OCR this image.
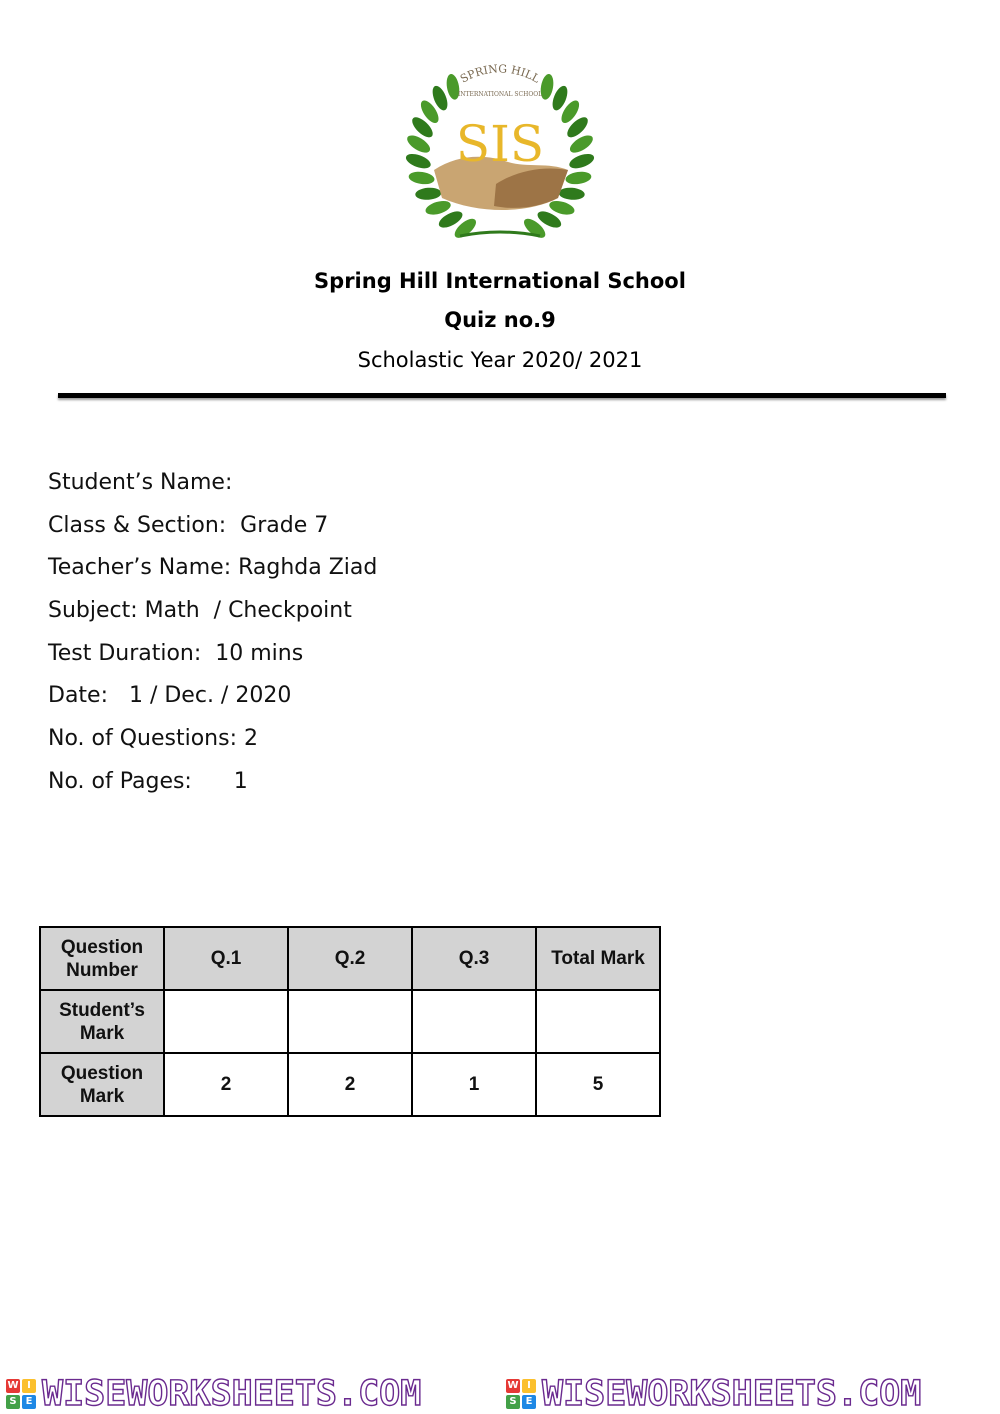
SPRING HILL
INTERNATIONAL SCHOOL
SIS
2013
Spring Hill International School
Quiz no.9
Scholastic Year 2020/ 2021
Student’s Name:
Class & Section:  Grade 7
Teacher’s Name: Raghda Ziad
Subject: Math  / Checkpoint
Test Duration:  10 mins
Date:   1 / Dec. / 2020
No. of Questions: 2
No. of Pages:      1
Question Number	Q.1	Q.2	Q.3	Total Mark
Student’s Mark				
Question Mark	2	2	1	5
W I
S E WISEWORKSHEETS.COM	W I
S E WISEWORKSHEETS.COM
